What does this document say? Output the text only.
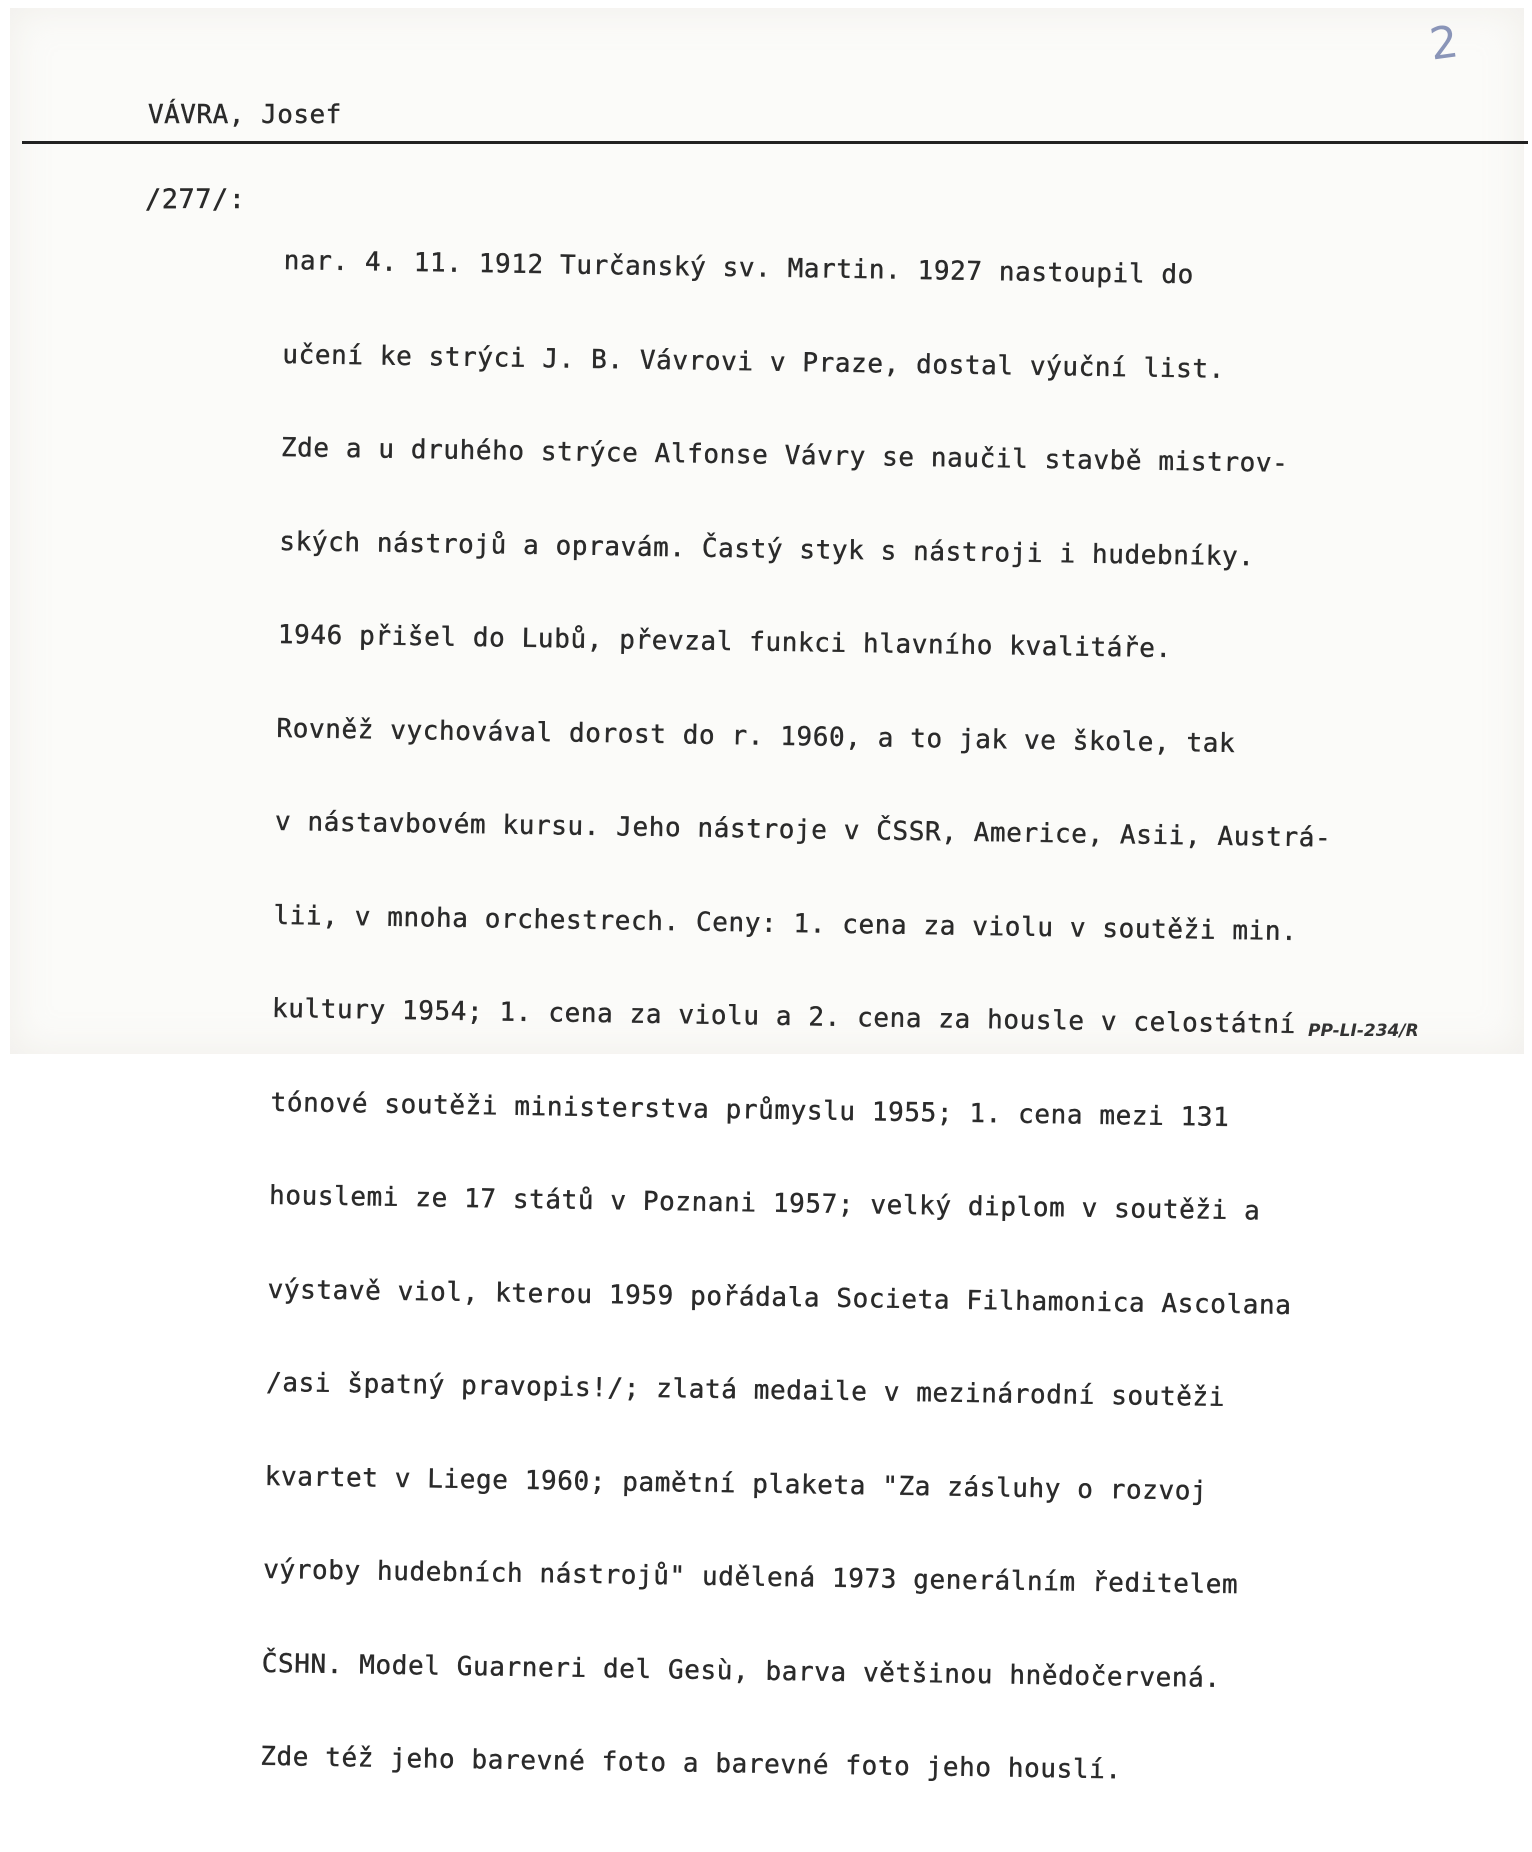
2
VÁVRA, Josef
/277/:

nar. 4. 11. 1912 Turčanský sv. Martin. 1927 nastoupil do

učení ke strýci J. B. Vávrovi v Praze, dostal výuční list.

Zde a u druhého strýce Alfonse Vávry se naučil stavbě mistrov-

ských nástrojů a opravám. Častý styk s nástroji i hudebníky.

1946 přišel do Lubů, převzal funkci hlavního kvalitáře.

Rovněž vychovával dorost do r. 1960, a to jak ve škole, tak

v nástavbovém kursu. Jeho nástroje v ČSSR, Americe, Asii, Austrá-

lii, v mnoha orchestrech. Ceny: 1. cena za violu v soutěži min.

kultury 1954; 1. cena za violu a 2. cena za housle v celostátní

tónové soutěži ministerstva průmyslu 1955; 1. cena mezi 131

houslemi ze 17 států v Poznani 1957; velký diplom v soutěži a

výstavě viol, kterou 1959 pořádala Societa Filhamonica Ascolana

/asi špatný pravopis!/; zlatá medaile v mezinárodní soutěži

kvartet v Liege 1960; pamětní plaketa "Za zásluhy o rozvoj

výroby hudebních nástrojů" udělená 1973 generálním ředitelem

ČSHN. Model Guarneri del Gesù, barva většinou hnědočervená.

Zde též jeho barevné foto a barevné foto jeho houslí.

PP-LI-234/R
